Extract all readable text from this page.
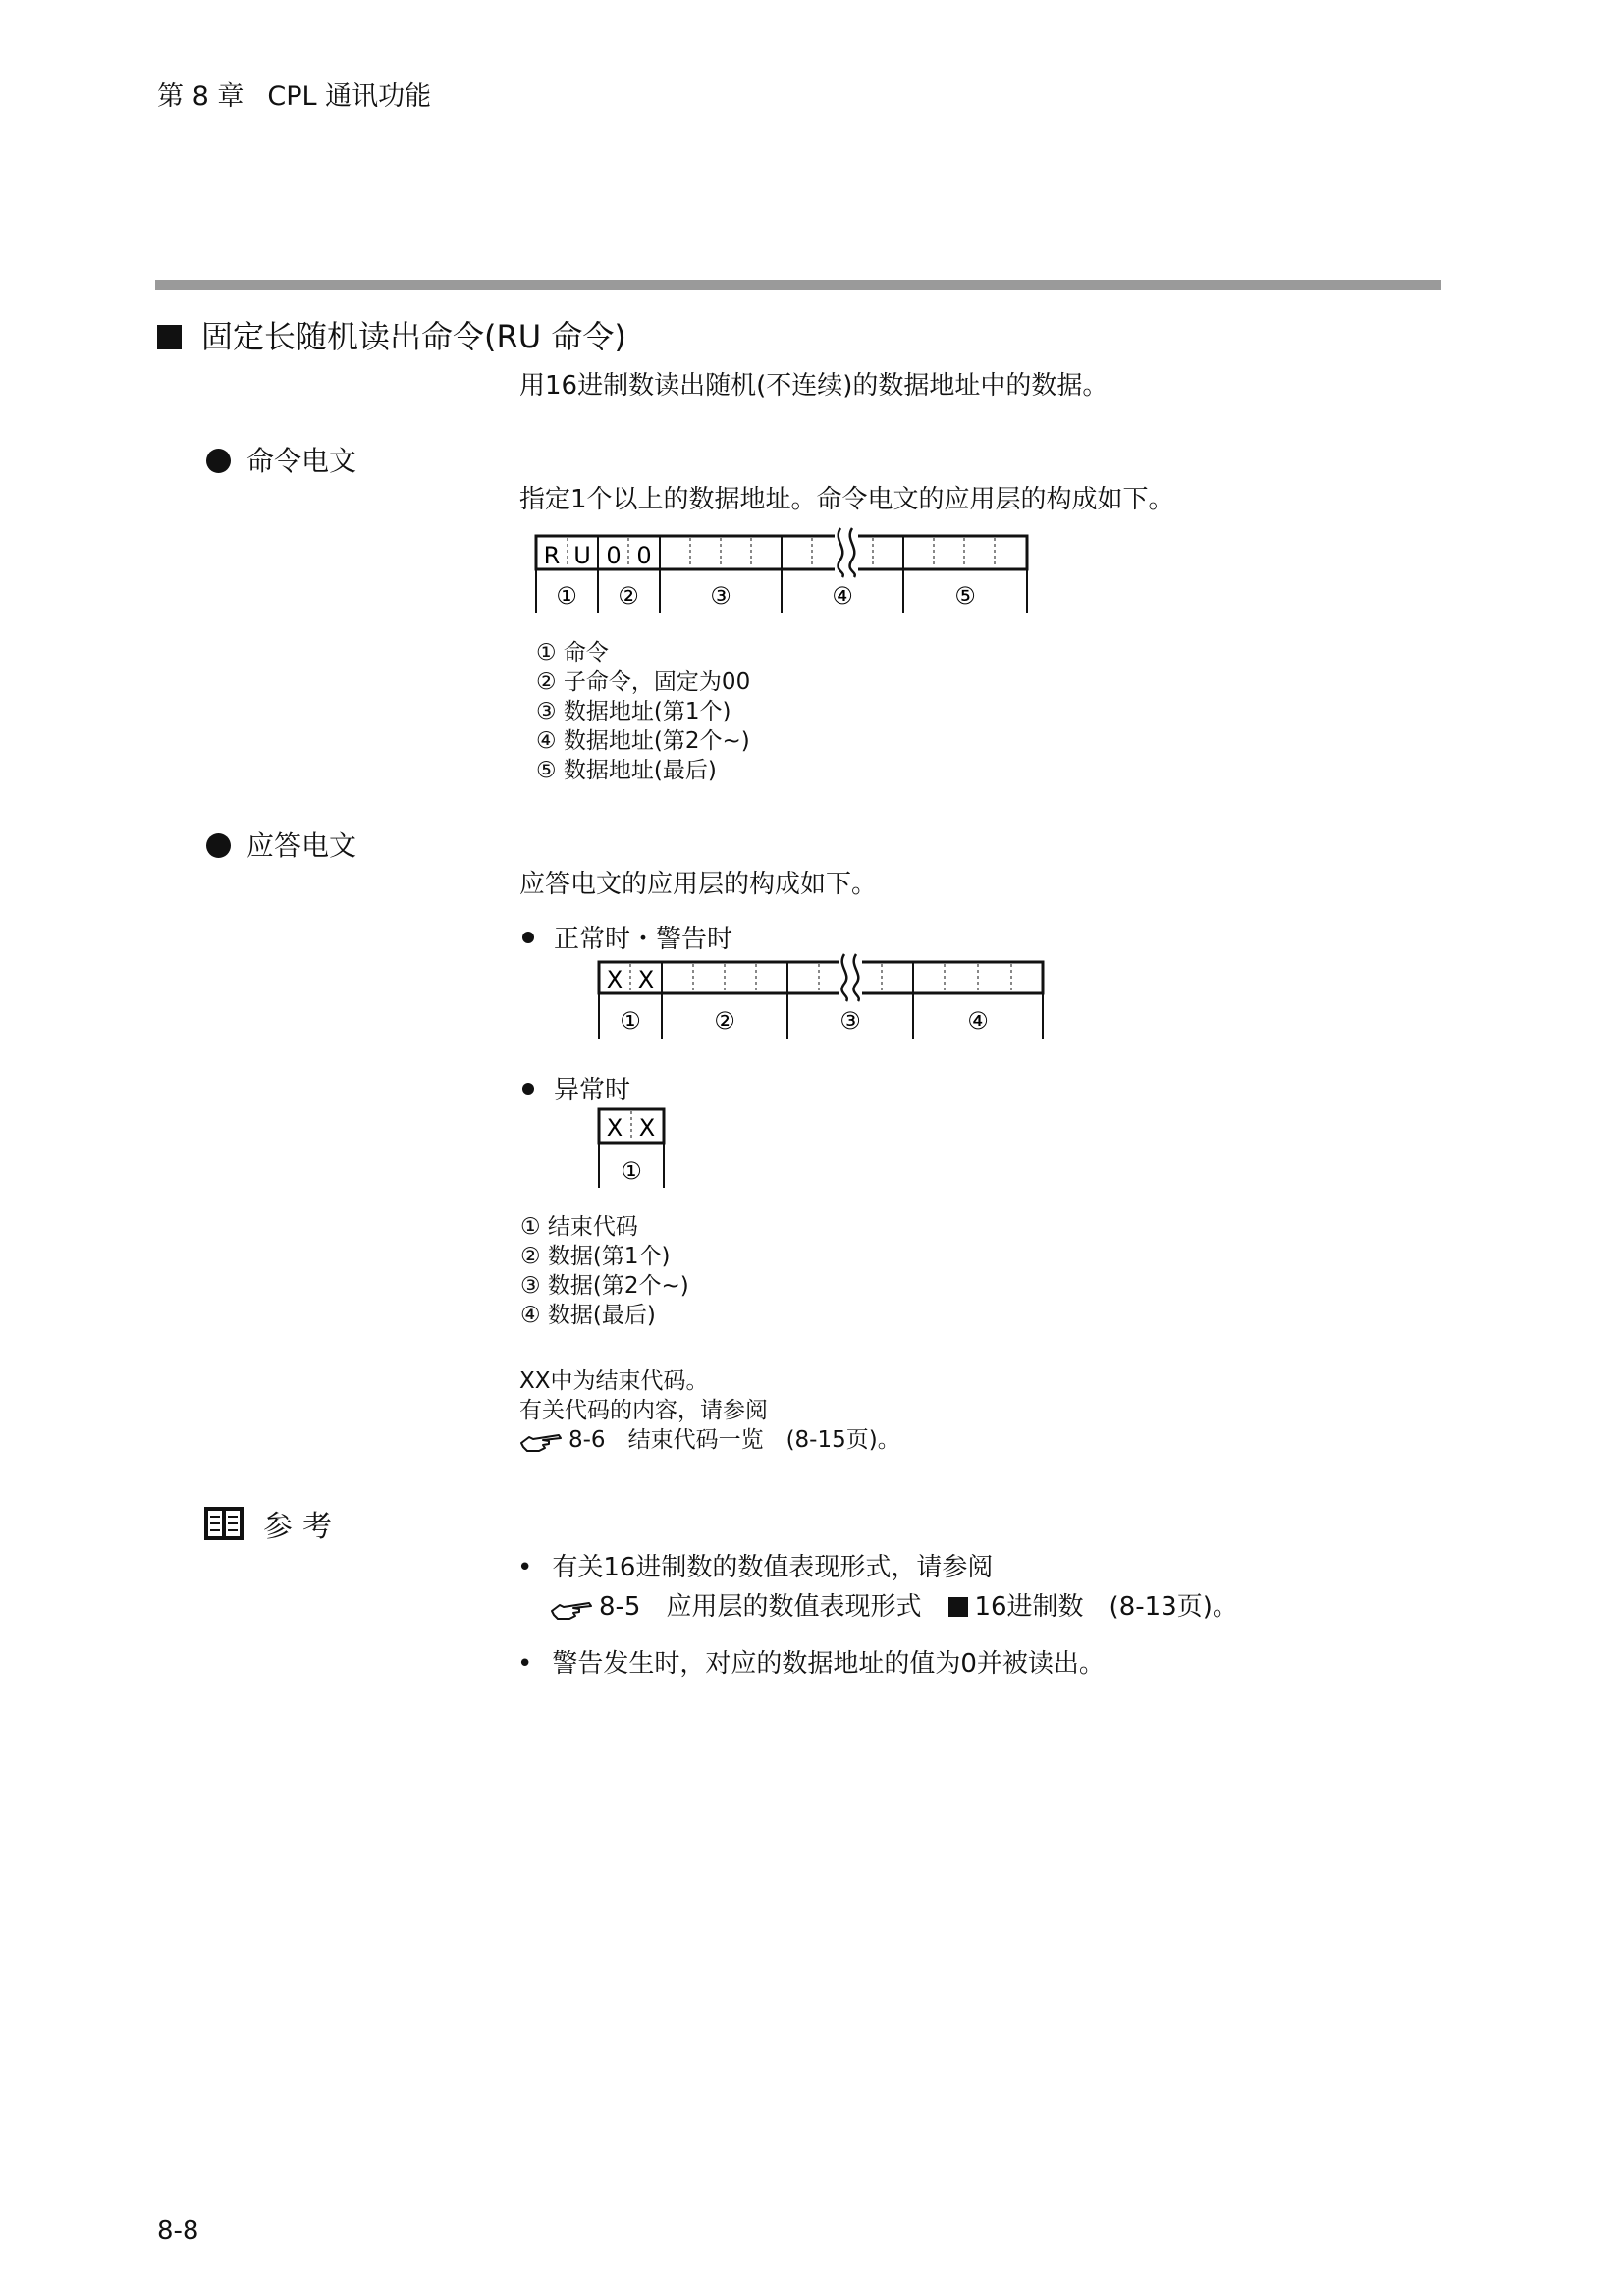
第 8 章 CPL 通讯功能
固定长随机读出命令(RU 命令)
用16进制数读出随机(不连续)的数据地址中的数据。
命令电文
指定1个以上的数据地址。命令电文的应用层的构成如下。
R U 0 0
① ②	③	④	⑤
① 命令
② 子命令，固定为00
③ 数据地址(第1个)
④ 数据地址(第2个~)
⑤ 数据地址(最后)
应答电文
应答电文的应用层的构成如下。
正常时・警告时
X X
①	②	③	④
异常时
X X
①
① 结束代码
② 数据(第1个)
③ 数据(第2个~)
④ 数据(最后)
XX中为结束代码。
有关代码的内容，请参阅
8-6　结束代码一览　(8-15页)。
参考
• 有关16进制数的数值表现形式，请参阅
8-5　应用层的数值表现形式 16进制数　(8-13页)。
• 警告发生时，对应的数据地址的值为0并被读出。
8-8
